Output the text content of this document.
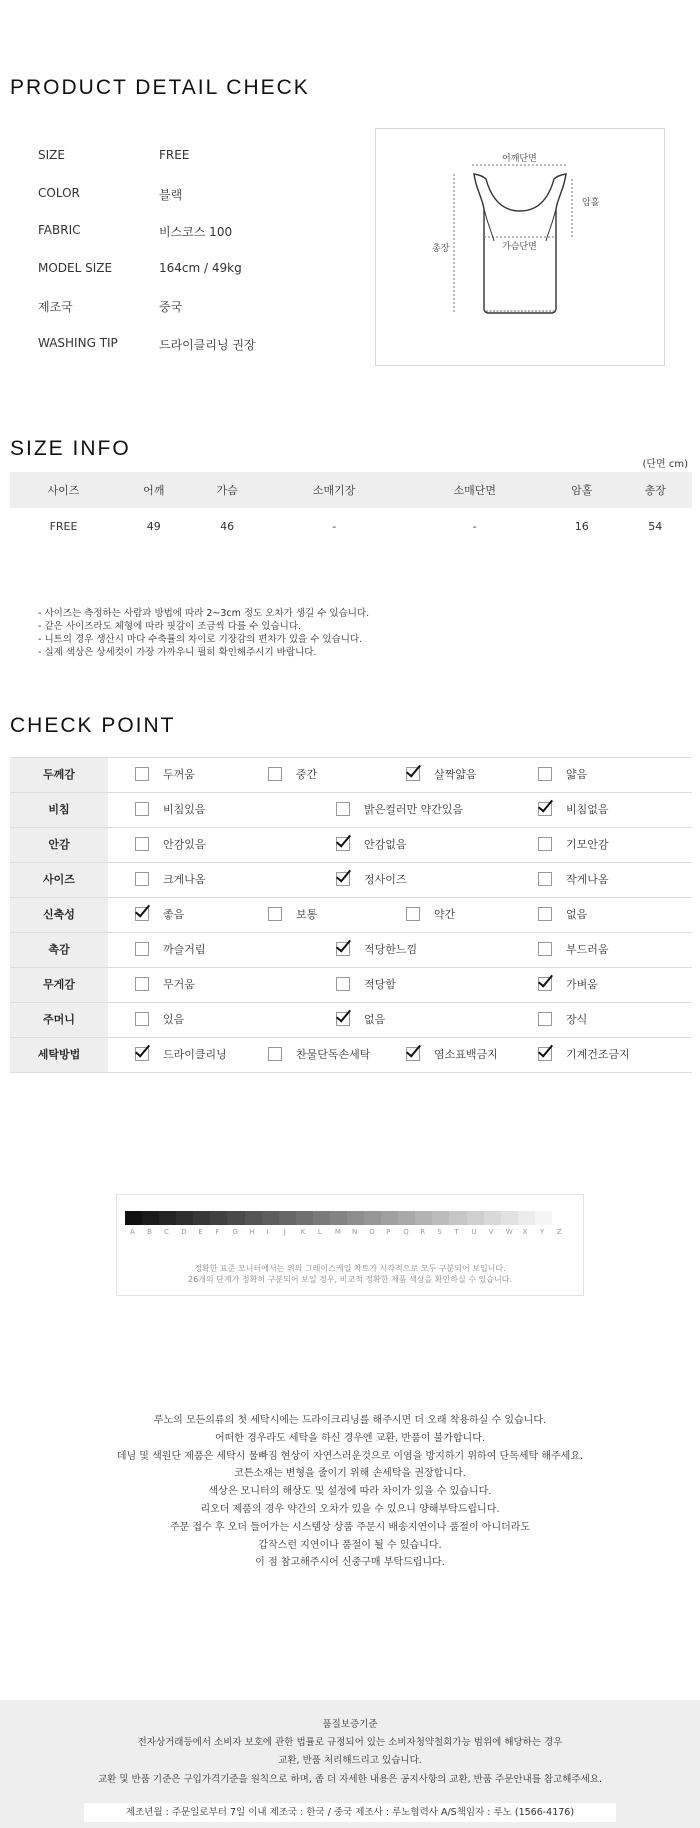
PRODUCT DETAIL CHECK
SIZE	FREE
COLOR	블랙
FABRIC	비스코스 100
MODEL SIZE	164cm / 49kg
제조국	중국
WASHING TIP	드라이클리닝 권장
어깨단면
암홀
가슴단면
총장
SIZE INFO
(단면 cm)
사이즈	어깨	가슴	소매기장	소매단면	암홀	총장
FREE	49	46	-	-	16	54
- 사이즈는 측정하는 사람과 방법에 따라 2~3cm 정도 오차가 생길 수 있습니다.
- 같은 사이즈라도 체형에 따라 핏감이 조금씩 다를 수 있습니다.
- 니트의 경우 생산시 마다 수축률의 차이로 기장감의 편차가 있을 수 있습니다.
- 실제 색상은 상세컷이 가장 가까우니 필히 확인해주시기 바랍니다.
CHECK POINT
두께감	두꺼움	중간	살짝얇음	얇음
비침	비침있음	밝은컬러만 약간있음	비침없음
안감	안감있음	안감없음	기모안감
사이즈	크게나옴	정사이즈	작게나옴
신축성	좋음	보통	약간	없음
촉감	까슬거림	적당한느낌	부드러움
무게감	무거움	적당함	가벼움
주머니	있음	없음	장식
세탁방법	드라이클리닝	찬물단독손세탁	염소표백금지	기계건조금지
정확한 표준 모니터에서는 위의 그레이스케일 차트가 시각적으로 모두 구분되어 보입니다.
26개의 단계가 정확히 구분되어 보일 경우, 비교적 정확한 제품 색상을 확인하실 수 있습니다.
A B C D E F G H I J K L M N O P Q R S T U V W X Y Z
루노의 모든의류의 첫 세탁시에는 드라이크리닝를 해주시면 더 오래 착용하실 수 있습니다.
어떠한 경우라도 세탁을 하신 경우엔 교환, 반품이 불가합니다.
데님 및 색원단 제품은 세탁시 물빠짐 현상이 자연스러운것으로 이염을 방지하기 위하여 단독세탁 해주세요.
코튼소재는 변형을 줄이기 위해 손세탁을 권장합니다.
색상은 모니터의 해상도 및 설정에 따라 차이가 있을 수 있습니다.
리오더 제품의 경우 약간의 오차가 있을 수 있으니 양해부탁드립니다.
주문 접수 후 오더 들어가는 시스템상 상품 주문시 배송지연이나 품절이 아니더라도
갑작스런 지연이나 품절이 될 수 있습니다.
이 점 참고해주시어 신중구매 부탁드립니다.
품질보증기준
전자상거래등에서 소비자 보호에 관한 법률로 규정되어 있는 소비자청약철회가능 범위에 해당하는 경우
교환, 반품 처리해드리고 있습니다.
교환 및 반품 기준은 구입가격기준을 원칙으로 하며, 좀 더 자세한 내용은 공지사항의 교환, 반품 주문안내를 참고해주세요.
제조년월 : 주문일로부터 7일 이내 제조국 : 한국 / 중국 제조사 : 루노협력사 A/S책임자 : 루노 (1566-4176)
